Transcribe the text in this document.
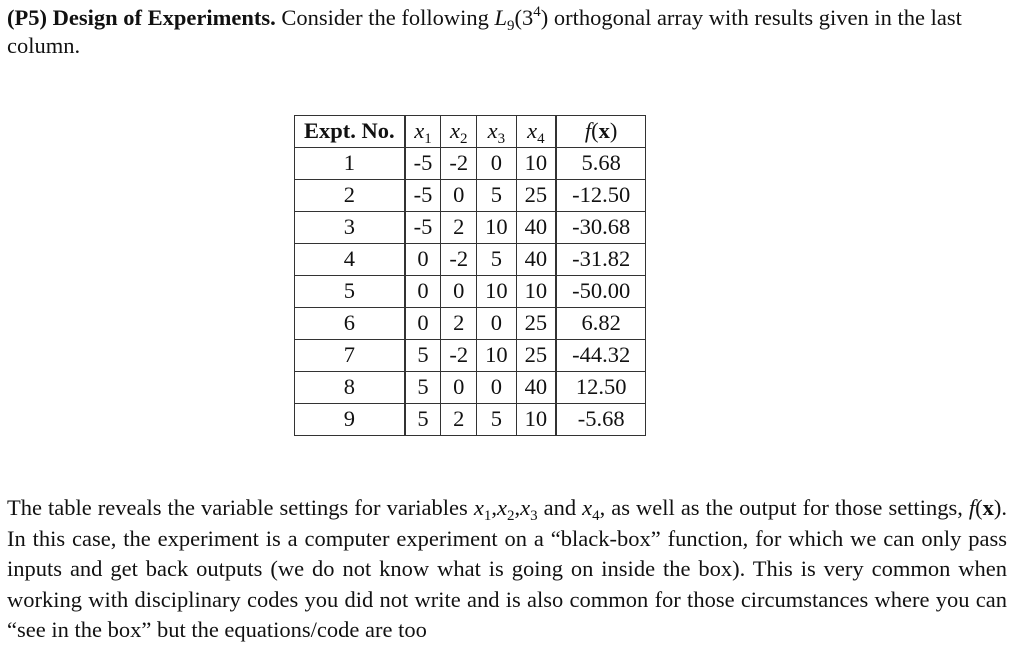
(P5) Design of Experiments. Consider the following $L_9(3^4)$ orthogonal array with results given in the last column.

Expt. No.	$x_1$	$x_2$	$x_3$	$x_4$	f(x)
1	-5	-2	0	10	5.68
2	-5	0	5	25	-12.50
3	-5	2	10	40	-30.68
4	0	-2	5	40	-31.82
5	0	0	10	10	-50.00
6	0	2	0	25	6.82
7	5	-2	10	25	-44.32
8	5	0	0	40	12.50
9	5	2	5	10	-5.68

The table reveals the variable settings for variables $x_1,x_2,x_3$ and $x_4$, as well as the output for those settings, f(x). In this case, the experiment is a computer experiment on a “black-box” function, for which we can only pass inputs and get back outputs (we do not know what is going on inside the box). This is very common when working with disciplinary codes you did not write and is also common for those circumstances where you can “see in the box” but the equations/code are too
